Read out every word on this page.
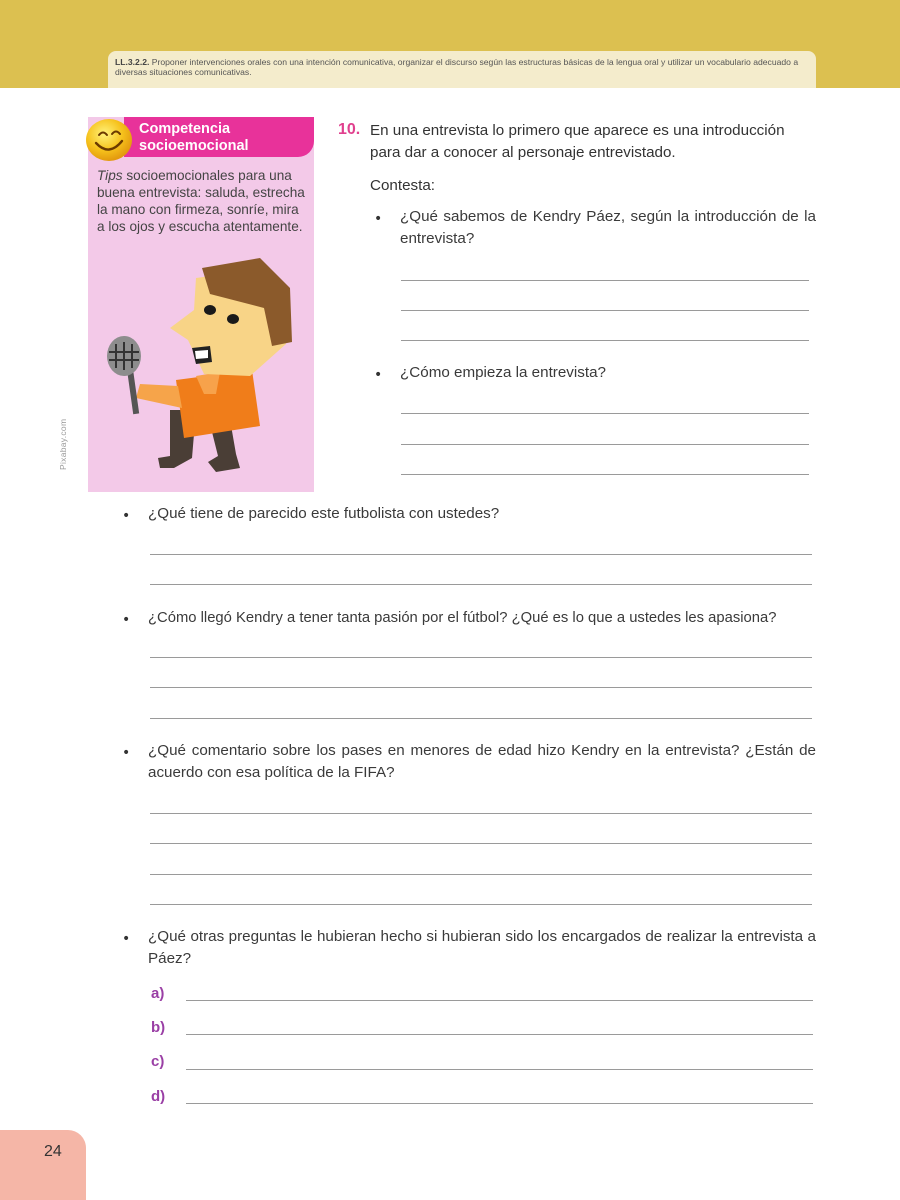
LL.3.2.2. Proponer intervenciones orales con una intención comunicativa, organizar el discurso según las estructuras básicas de la lengua oral y utilizar un vocabulario adecuado a diversas situaciones comunicativas.
Competencia socioemocional
Tips socioemocionales para una buena entrevista: saluda, estrecha la mano con firmeza, sonríe, mira a los ojos y escucha atentamente.
Pixabay.com
10. En una entrevista lo primero que aparece es una introducción para dar a conocer al personaje entrevistado.
Contesta:
• ¿Qué sabemos de Kendry Páez, según la introducción de la entrevista?
• ¿Cómo empieza la entrevista?
• ¿Qué tiene de parecido este futbolista con ustedes?
• ¿Cómo llegó Kendry a tener tanta pasión por el fútbol? ¿Qué es lo que a ustedes les apasiona?
• ¿Qué comentario sobre los pases en menores de edad hizo Kendry en la entrevista? ¿Están de acuerdo con esa política de la FIFA?
• ¿Qué otras preguntas le hubieran hecho si hubieran sido los encargados de realizar la entrevista a Páez?
a)
b)
c)
d)
24
